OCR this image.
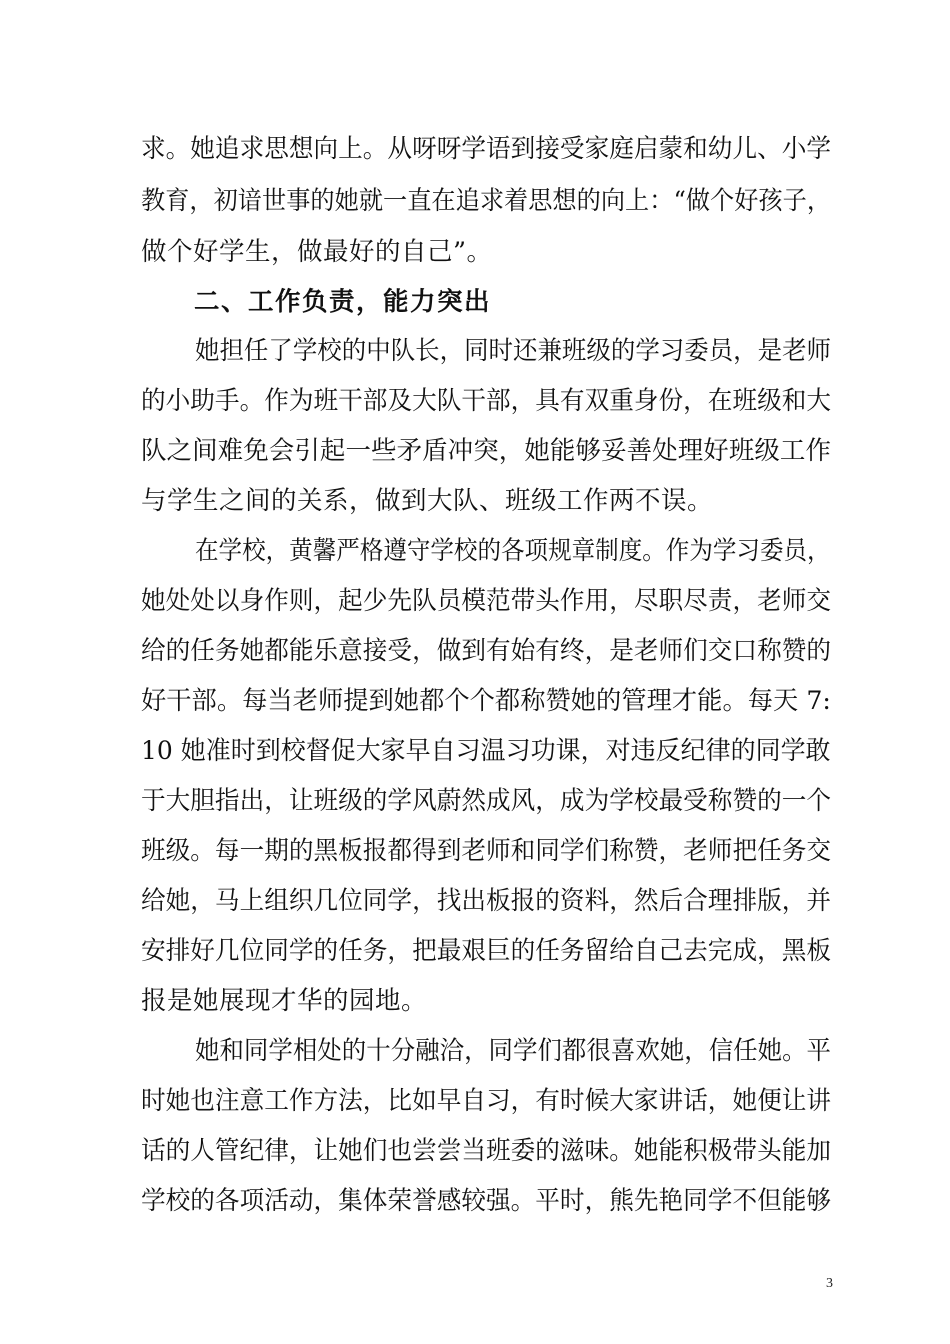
求。她追求思想向上。从呀呀学语到接受家庭启蒙和幼儿、小学
教育，初谙世事的她就一直在追求着思想的向上：“做个好孩子，
做个好学生，做最好的自己”。
二、工作负责，能力突出
她担任了学校的中队长，同时还兼班级的学习委员，是老师
的小助手。作为班干部及大队干部，具有双重身份，在班级和大
队之间难免会引起一些矛盾冲突，她能够妥善处理好班级工作
与学生之间的关系，做到大队、班级工作两不误。
在学校，黄馨严格遵守学校的各项规章制度。作为学习委员，
她处处以身作则，起少先队员模范带头作用，尽职尽责，老师交
给的任务她都能乐意接受，做到有始有终，是老师们交口称赞的
好干部。每当老师提到她都个个都称赞她的管理才能。每天 7:
10 她准时到校督促大家早自习温习功课，对违反纪律的同学敢
于大胆指出，让班级的学风蔚然成风，成为学校最受称赞的一个
班级。每一期的黑板报都得到老师和同学们称赞，老师把任务交
给她，马上组织几位同学，找出板报的资料，然后合理排版，并
安排好几位同学的任务，把最艰巨的任务留给自己去完成，黑板
报是她展现才华的园地。
她和同学相处的十分融洽，同学们都很喜欢她，信任她。平
时她也注意工作方法，比如早自习，有时候大家讲话，她便让讲
话的人管纪律，让她们也尝尝当班委的滋味。她能积极带头能加
学校的各项活动，集体荣誉感较强。平时，熊先艳同学不但能够
3
